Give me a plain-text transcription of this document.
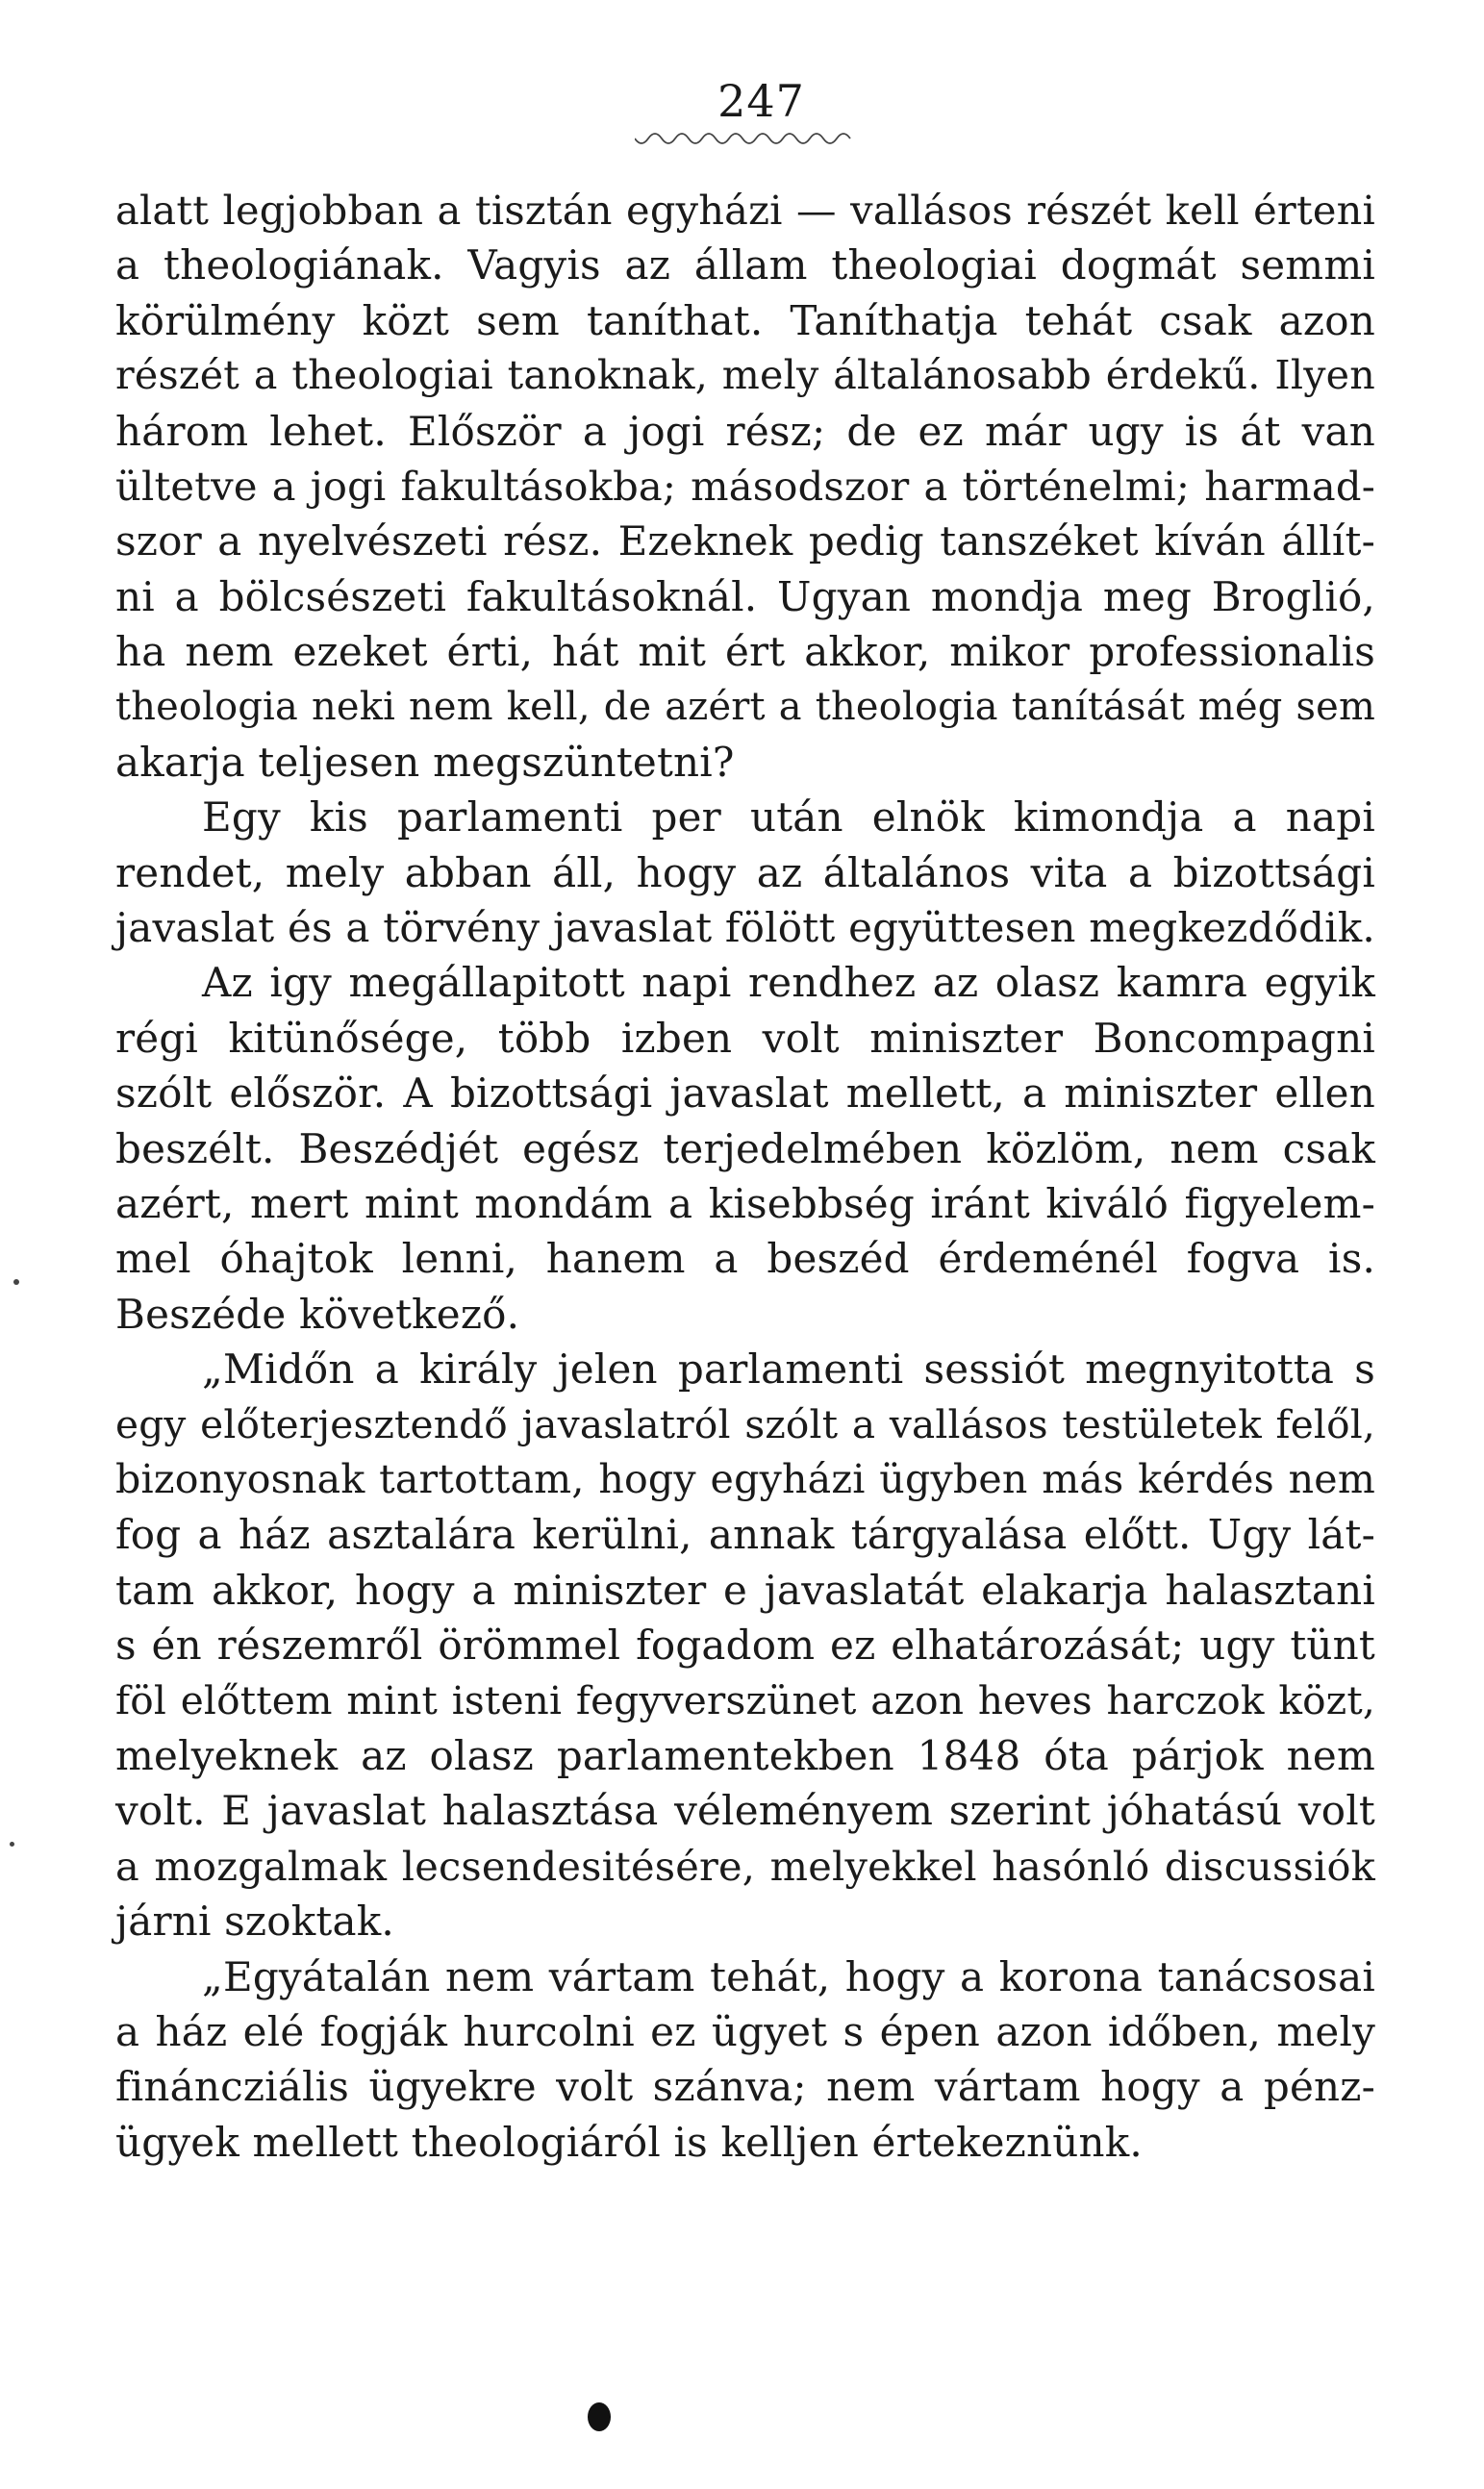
247
alatt legjobban a tisztán egyházi — vallásos részét kell érteni
a theologiának. Vagyis az állam theologiai dogmát semmi
körülmény közt sem taníthat. Taníthatja tehát csak azon
részét a theologiai tanoknak, mely általánosabb érdekű. Ilyen
három lehet. Először a jogi rész; de ez már ugy is át van
ültetve a jogi fakultásokba; másodszor a történelmi; harmad-
szor a nyelvészeti rész. Ezeknek pedig tanszéket kíván állít-
ni a bölcsészeti fakultásoknál. Ugyan mondja meg Broglió,
ha nem ezeket érti, hát mit ért akkor, mikor professionalis
theologia neki nem kell, de azért a theologia tanítását még sem
akarja teljesen megszüntetni?
Egy kis parlamenti per után elnök kimondja a napi
rendet, mely abban áll, hogy az általános vita a bizottsági
javaslat és a törvény javaslat fölött együttesen megkezdődik.
Az igy megállapitott napi rendhez az olasz kamra egyik
régi kitünősége, több izben volt miniszter Boncompagni
szólt először. A bizottsági javaslat mellett, a miniszter ellen
beszélt. Beszédjét egész terjedelmében közlöm, nem csak
azért, mert mint mondám a kisebbség iránt kiváló figyelem-
mel óhajtok lenni, hanem a beszéd érdeménél fogva is.
Beszéde következő.
„Midőn a király jelen parlamenti sessiót megnyitotta s
egy előterjesztendő javaslatról szólt a vallásos testületek felől,
bizonyosnak tartottam, hogy egyházi ügyben más kérdés nem
fog a ház asztalára kerülni, annak tárgyalása előtt. Ugy lát-
tam akkor, hogy a miniszter e javaslatát elakarja halasztani
s én részemről örömmel fogadom ez elhatározását; ugy tünt
föl előttem mint isteni fegyverszünet azon heves harczok közt,
melyeknek az olasz parlamentekben 1848 óta párjok nem
volt. E javaslat halasztása véleményem szerint jóhatású volt
a mozgalmak lecsendesitésére, melyekkel hasónló discussiók
járni szoktak.
„Egyátalán nem vártam tehát, hogy a korona tanácsosai
a ház elé fogják hurcolni ez ügyet s épen azon időben, mely
fináncziális ügyekre volt szánva; nem vártam hogy a pénz-
ügyek mellett theologiáról is kelljen értekeznünk.
